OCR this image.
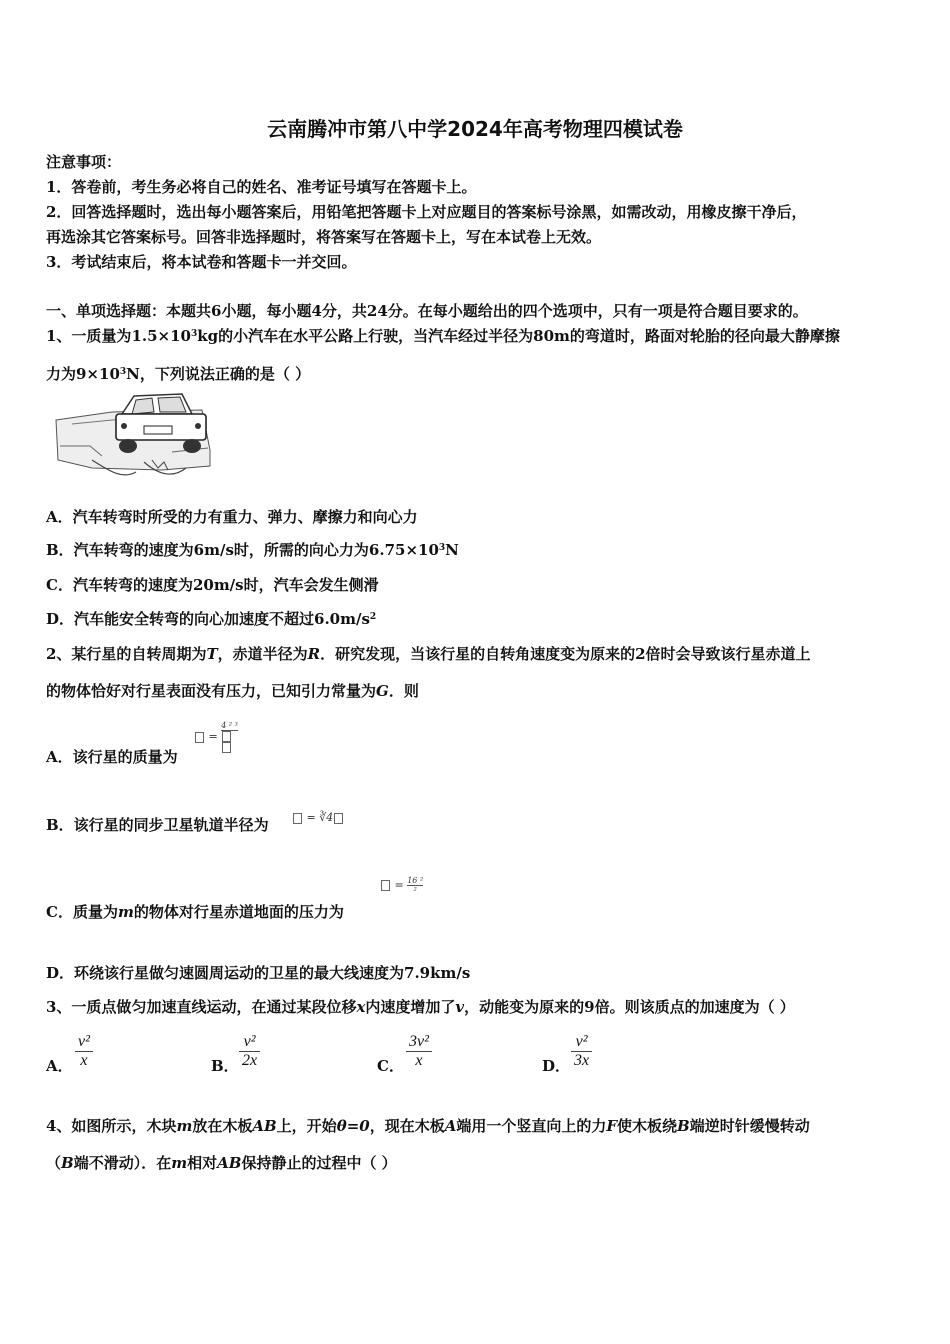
云南腾冲市第八中学2024年高考物理四模试卷
注意事项：
1．答卷前，考生务必将自己的姓名、准考证号填写在答题卡上。
2．回答选择题时，选出每小题答案后，用铅笔把答题卡上对应题目的答案标号涂黑，如需改动，用橡皮擦干净后，
再选涂其它答案标号。回答非选择题时，将答案写在答题卡上，写在本试卷上无效。
3．考试结束后，将本试卷和答题卡一并交回。
一、单项选择题：本题共6小题，每小题4分，共24分。在每小题给出的四个选项中，只有一项是符合题目要求的。
1、一质量为$1.5\times 10^3kg$的小汽车在水平公路上行驶，当汽车经过半径为80m的弯道时，路面对轮胎的径向最大静摩擦
力为$9\times 10^3N$，下列说法正确的是（ ）
A．汽车转弯时所受的力有重力、弹力、摩擦力和向心力
B．汽车转弯的速度为6m/s时，所需的向心力为$6.75\times 10^3N$
C．汽车转弯的速度为20m/s时，汽车会发生侧滑
D．汽车能安全转弯的向心加速度不超过$6.0m/s^2$
2、某行星的自转周期为T，赤道半径为R．研究发现，当该行星的自转角速度变为原来的2倍时会导致该行星赤道上
的物体恰好对行星表面没有压力，已知引力常量为G．则
A．该行星的质量为
=
4 ² ³
B．该行星的同步卫星轨道半径为	= ∛4
C．质量为m的物体对行星赤道地面的压力为
= $\frac{\text{16 ²}}{\text{²}}$
D．环绕该行星做匀速圆周运动的卫星的最大线速度为7.9km/s
3、一质点做匀加速直线运动，在通过某段位移x内速度增加了v，动能变为原来的9倍。则该质点的加速度为（ ）
A． $\frac{\text{v²}}{x}$	B． $\frac{\text{v²}}{2x}$	C． $\frac{\text{3v²}}{x}$	D． $\frac{\text{v²}}{3x}$
4、如图所示，木块m放在木板AB上，开始θ=0，现在木板A端用一个竖直向上的力F使木板绕B端逆时针缓慢转动
（B端不滑动）．在m相对AB保持静止的过程中（ ）
